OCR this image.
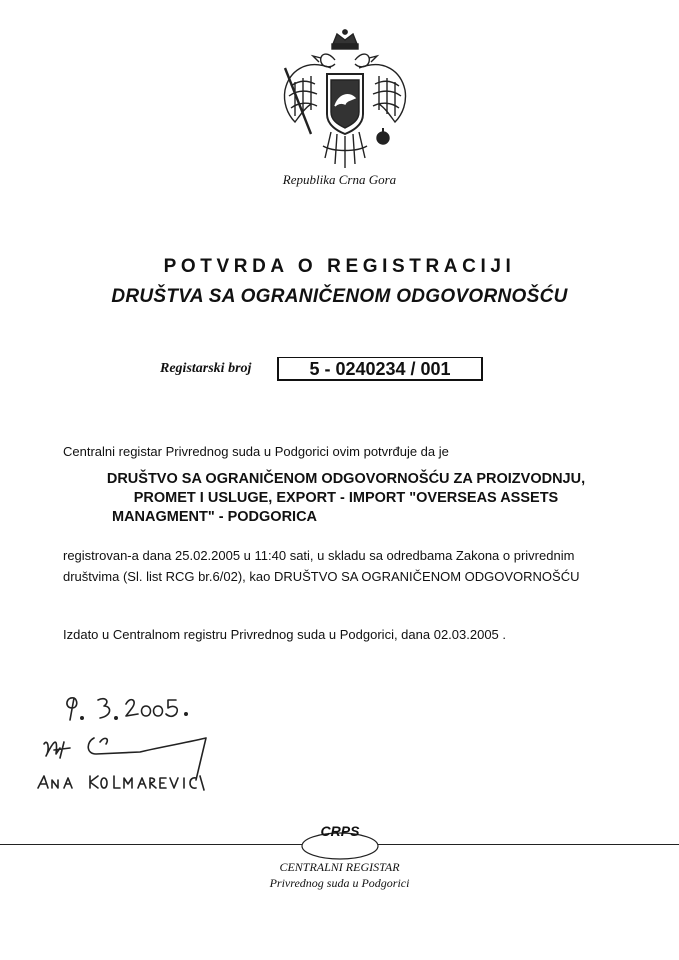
Republika Crna Gora
POTVRDA O REGISTRACIJI
DRUŠTVA SA OGRANIČENOM ODGOVORNOŠĆU
Registarski broj	5 - 0240234 / 001
Centralni registar Privrednog suda u Podgorici ovim potvrđuje da je
DRUŠTVO SA OGRANIČENOM ODGOVORNOŠĆU ZA PROIZVODNJU,
PROMET I USLUGE, EXPORT - IMPORT "OVERSEAS ASSETS
MANAGMENT" - PODGORICA
registrovan-a dana 25.02.2005 u 11:40 sati, u skladu sa odredbama Zakona o privrednim
društvima (Sl. list RCG br.6/02), kao DRUŠTVO SA OGRANIČENOM ODGOVORNOŠĆU
Izdato u Centralnom registru Privrednog suda u Podgorici, dana 02.03.2005 .
CRPS
CENTRALNI REGISTAR
Privrednog suda u Podgorici
